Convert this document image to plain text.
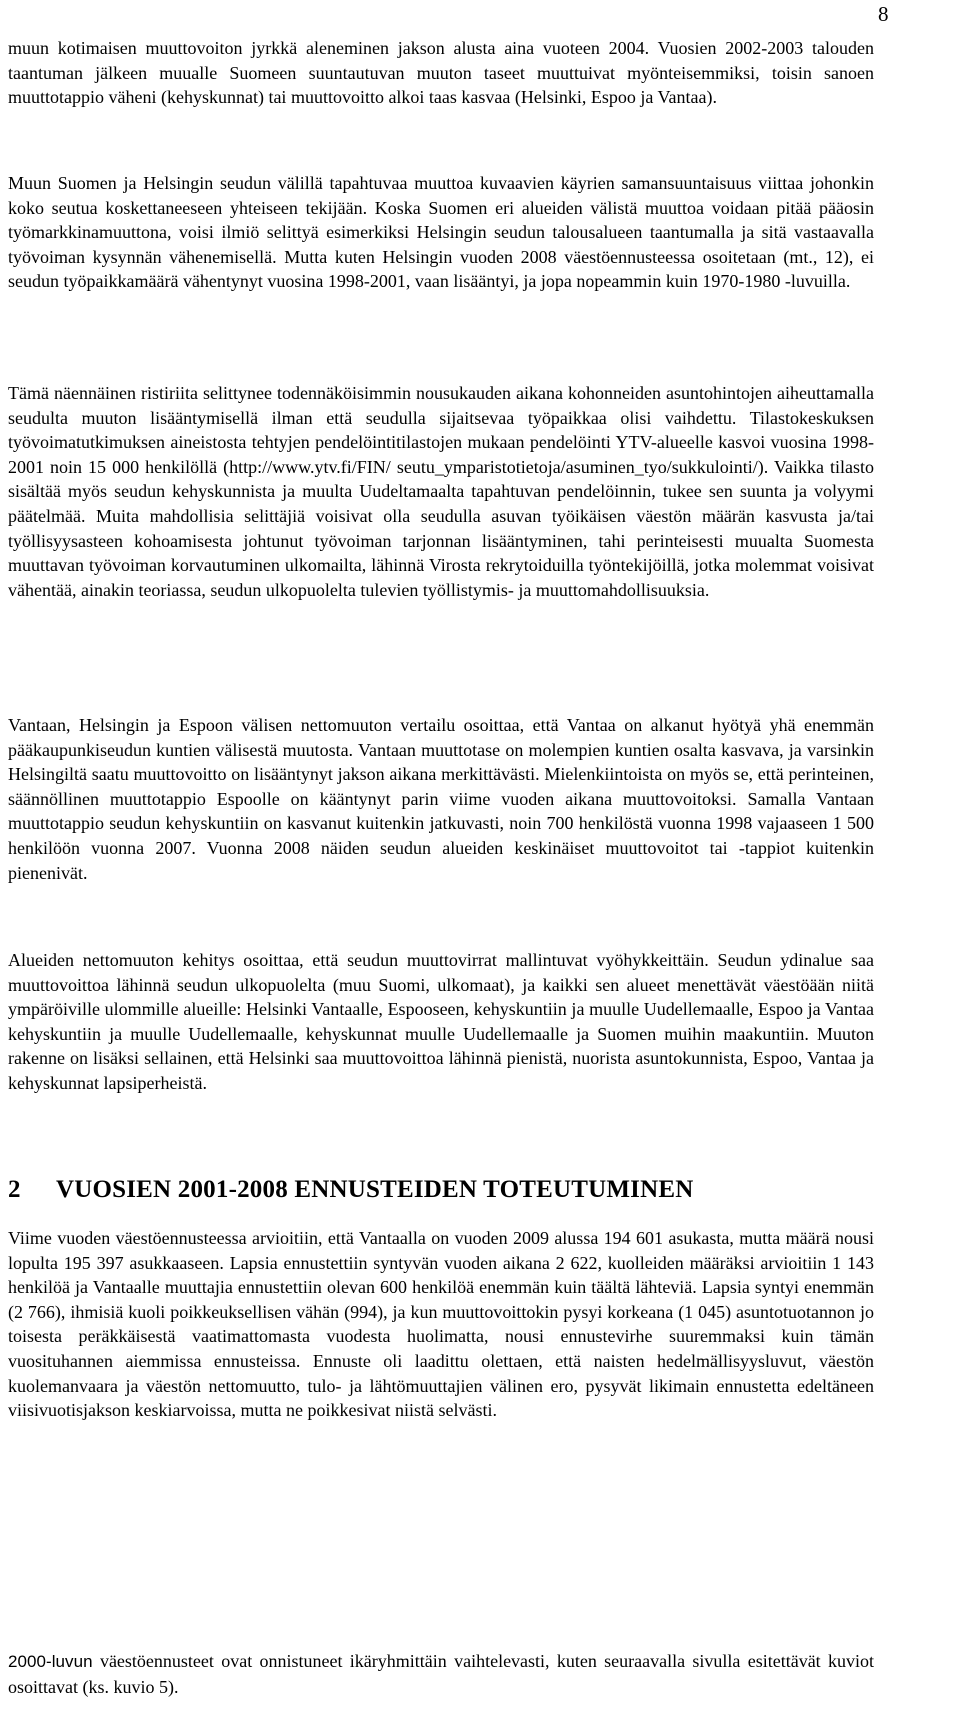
8

muun kotimaisen muuttovoiton jyrkkä aleneminen jakson alusta aina vuoteen 2004. Vuosien 2002-2003 talouden taantuman jälkeen muualle Suomeen suuntautuvan muuton taseet muuttuivat myönteisemmiksi, toisin sanoen muuttotappio väheni (kehyskunnat) tai muuttovoitto alkoi taas kasvaa (Helsinki, Espoo ja Vantaa).

Muun Suomen ja Helsingin seudun välillä tapahtuvaa muuttoa kuvaavien käyrien samansuuntaisuus viittaa johonkin koko seutua koskettaneeseen yhteiseen tekijään. Koska Suomen eri alueiden välistä muuttoa voidaan pitää pääosin työmarkkinamuuttona, voisi ilmiö selittyä esimerkiksi Helsingin seudun talousalueen taantumalla ja sitä vastaavalla työvoiman kysynnän vähenemisellä. Mutta kuten Helsingin vuoden 2008 väestöennusteessa osoitetaan (mt., 12), ei seudun työpaikkamäärä vähentynyt vuosina 1998-2001, vaan lisääntyi, ja jopa nopeammin kuin 1970-1980 -luvuilla.

Tämä näennäinen ristiriita selittynee todennäköisimmin nousukauden aikana kohonneiden asuntohintojen aiheuttamalla seudulta muuton lisääntymisellä ilman että seudulla sijaitsevaa työpaikkaa olisi vaihdettu. Tilastokeskuksen työvoimatutkimuksen aineistosta tehtyjen pendelöintitilastojen mukaan pendelöinti YTV-alueelle kasvoi vuosina 1998-2001 noin 15 000 henkilöllä (http://www.ytv.fi/FIN/ seutu_ymparistotietoja/asuminen_tyo/sukkulointi/). Vaikka tilasto sisältää myös seudun kehyskunnista ja muulta Uudeltamaalta tapahtuvan pendelöinnin, tukee sen suunta ja volyymi päätelmää. Muita mahdollisia selittäjiä voisivat olla seudulla asuvan työikäisen väestön määrän kasvusta ja/tai työllisyysasteen kohoamisesta johtunut työvoiman tarjonnan lisääntyminen, tahi perinteisesti muualta Suomesta muuttavan työvoiman korvautuminen ulkomailta, lähinnä Virosta rekrytoiduilla työntekijöillä, jotka molemmat voisivat vähentää, ainakin teoriassa, seudun ulkopuolelta tulevien työllistymis- ja muuttomahdollisuuksia.

Vantaan, Helsingin ja Espoon välisen nettomuuton vertailu osoittaa, että Vantaa on alkanut hyötyä yhä enemmän pääkaupunkiseudun kuntien välisestä muutosta. Vantaan muuttotase on molempien kuntien osalta kasvava, ja varsinkin Helsingiltä saatu muuttovoitto on lisääntynyt jakson aikana merkittävästi. Mielenkiintoista on myös se, että perinteinen, säännöllinen muuttotappio Espoolle on kääntynyt parin viime vuoden aikana muuttovoitoksi. Samalla Vantaan muuttotappio seudun kehyskuntiin on kasvanut kuitenkin jatkuvasti, noin 700 henkilöstä vuonna 1998 vajaaseen 1 500 henkilöön vuonna 2007. Vuonna 2008 näiden seudun alueiden keskinäiset muuttovoitot tai -tappiot kuitenkin pienenivät.

Alueiden nettomuuton kehitys osoittaa, että seudun muuttovirrat mallintuvat vyöhykkeittäin. Seudun ydinalue saa muuttovoittoa lähinnä seudun ulkopuolelta (muu Suomi, ulkomaat), ja kaikki sen alueet menettävät väestöään niitä ympäröiville ulommille alueille: Helsinki Vantaalle, Espooseen, kehyskuntiin ja muulle Uudellemaalle, Espoo ja Vantaa kehyskuntiin ja muulle Uudellemaalle, kehyskunnat muulle Uudellemaalle ja Suomen muihin maakuntiin. Muuton rakenne on lisäksi sellainen, että Helsinki saa muuttovoittoa lähinnä pienistä, nuorista asuntokunnista, Espoo, Vantaa ja kehyskunnat lapsiperheistä.

2 VUOSIEN 2001-2008 ENNUSTEIDEN TOTEUTUMINEN

Viime vuoden väestöennusteessa arvioitiin, että Vantaalla on vuoden 2009 alussa 194 601 asukasta, mutta määrä nousi lopulta 195 397 asukkaaseen. Lapsia ennustettiin syntyvän vuoden aikana 2 622, kuolleiden määräksi arvioitiin 1 143 henkilöä ja Vantaalle muuttajia ennustettiin olevan 600 henkilöä enemmän kuin täältä lähteviä. Lapsia syntyi enemmän (2 766), ihmisiä kuoli poikkeuksellisen vähän (994), ja kun muuttovoittokin pysyi korkeana (1 045) asuntotuotannon jo toisesta peräkkäisestä vaatimattomasta vuodesta huolimatta, nousi ennustevirhe suuremmaksi kuin tämän vuosituhannen aiemmissa ennusteissa. Ennuste oli laadittu olettaen, että naisten hedelmällisyysluvut, väestön kuolemanvaara ja väestön nettomuutto, tulo- ja lähtömuuttajien välinen ero, pysyvät likimain ennustetta edeltäneen viisivuotisjakson keskiarvoissa, mutta ne poikkesivat niistä selvästi.

2000-luvun väestöennusteet ovat onnistuneet ikäryhmittäin vaihtelevasti, kuten seuraavalla sivulla esitettävät kuviot osoittavat (ks. kuvio 5).
